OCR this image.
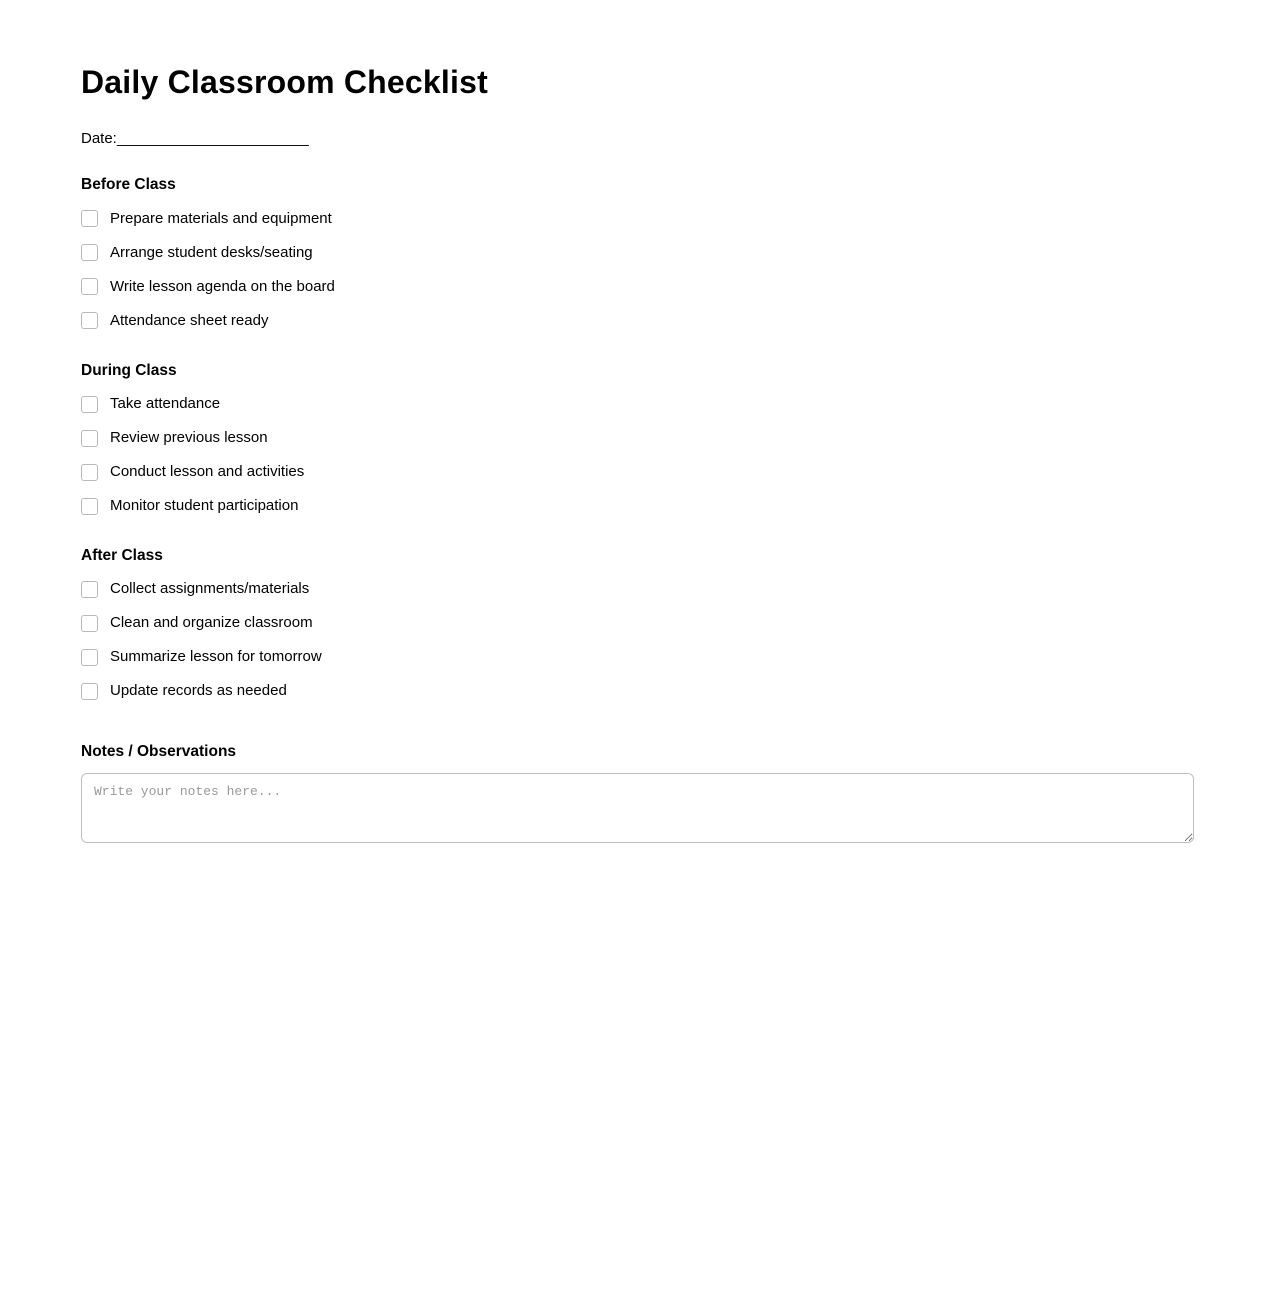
Daily Classroom Checklist
Date:_______________________
Before Class
Prepare materials and equipment
Arrange student desks/seating
Write lesson agenda on the board
Attendance sheet ready
During Class
Take attendance
Review previous lesson
Conduct lesson and activities
Monitor student participation
After Class
Collect assignments/materials
Clean and organize classroom
Summarize lesson for tomorrow
Update records as needed
Notes / Observations
Write your notes here...
